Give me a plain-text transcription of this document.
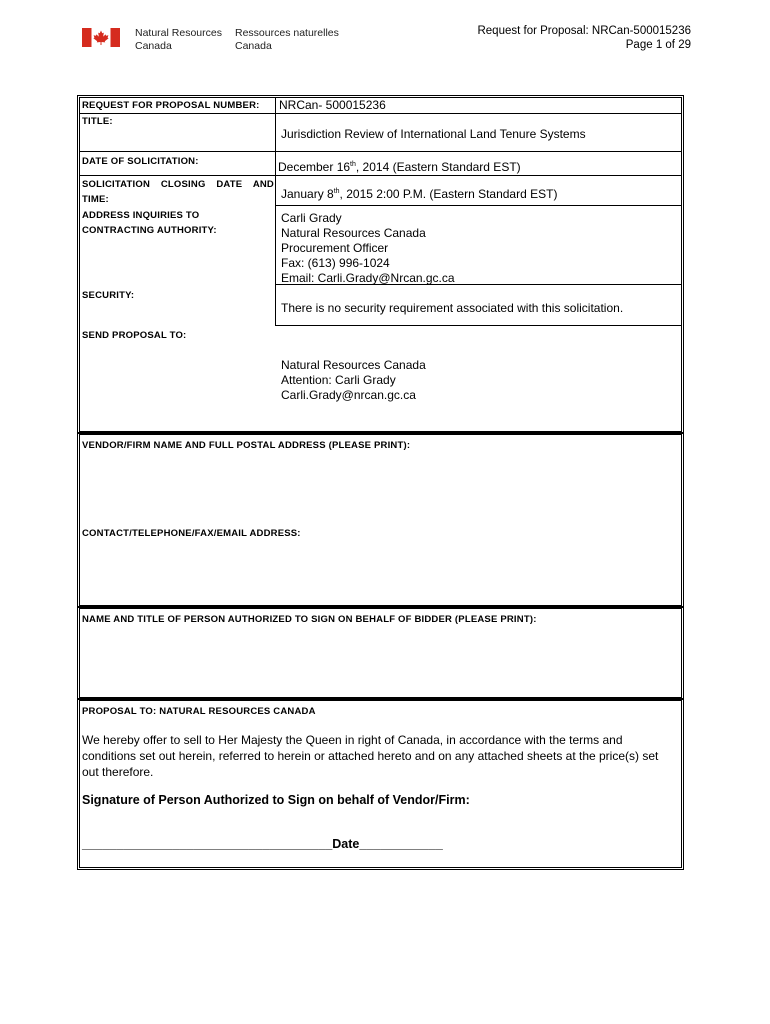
Natural Resources
Canada
Ressources naturelles
Canada
Request for Proposal: NRCan-500015236
Page 1 of 29
REQUEST FOR PROPOSAL NUMBER: NRCan- 500015236
TITLE:
Jurisdiction Review of International Land Tenure Systems
DATE OF SOLICITATION:	December 16th, 2014 (Eastern Standard EST)
SOLICITATION CLOSING DATE AND
TIME:	January 8th, 2015 2:00 P.M. (Eastern Standard EST)
ADDRESS INQUIRIES TO
CONTRACTING AUTHORITY:
Carli Grady
Natural Resources Canada
Procurement Officer
Fax: (613) 996-1024
Email: Carli.Grady@Nrcan.gc.ca
SECURITY:
There is no security requirement associated with this solicitation.
SEND PROPOSAL TO:
Natural Resources Canada
Attention: Carli Grady
Carli.Grady@nrcan.gc.ca
VENDOR/FIRM NAME AND FULL POSTAL ADDRESS (PLEASE PRINT):
CONTACT/TELEPHONE/FAX/EMAIL ADDRESS:
NAME AND TITLE OF PERSON AUTHORIZED TO SIGN ON BEHALF OF BIDDER (PLEASE PRINT):
PROPOSAL TO: NATURAL RESOURCES CANADA
We hereby offer to sell to Her Majesty the Queen in right of Canada, in accordance with the terms and conditions set out herein, referred to herein or attached hereto and on any attached sheets at the price(s) set out therefore.
Signature of Person Authorized to Sign on behalf of Vendor/Firm:
____________________________________Date____________
